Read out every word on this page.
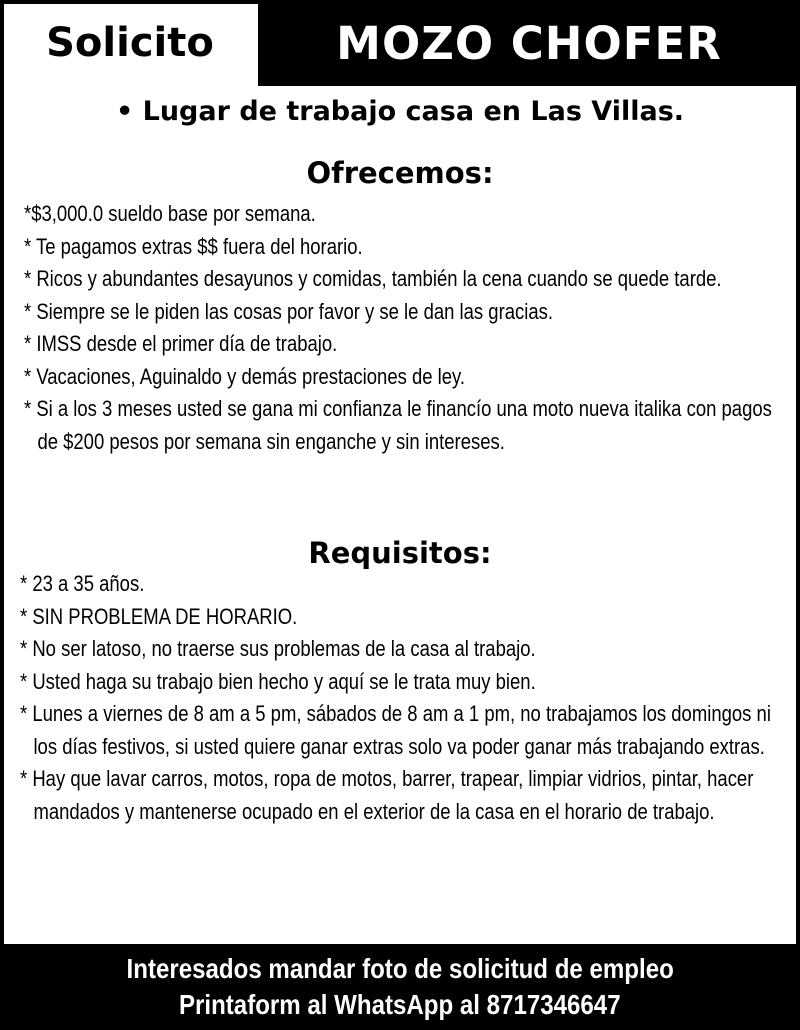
Solicito	MOZO CHOFER
• Lugar de trabajo casa en Las Villas.
Ofrecemos:
*$3,000.0 sueldo base por semana.
* Te pagamos extras $$ fuera del horario.
* Ricos y abundantes desayunos y comidas, también la cena cuando se quede tarde.
* Siempre se le piden las cosas por favor y se le dan las gracias.
* IMSS desde el primer día de trabajo.
* Vacaciones, Aguinaldo y demás prestaciones de ley.
* Si a los 3 meses usted se gana mi confianza le financío una moto nueva italika con pagos de $200 pesos por semana sin enganche y sin intereses.
Requisitos:
* 23 a 35 años.
* SIN PROBLEMA DE HORARIO.
* No ser latoso, no traerse sus problemas de la casa al trabajo.
* Usted haga su trabajo bien hecho y aquí se le trata muy bien.
* Lunes a viernes de 8 am a 5 pm, sábados de 8 am a 1 pm, no trabajamos los domingos ni los días festivos, si usted quiere ganar extras solo va poder ganar más trabajando extras.
* Hay que lavar carros, motos, ropa de motos, barrer, trapear, limpiar vidrios, pintar, hacer mandados y mantenerse ocupado en el exterior de la casa en el horario de trabajo.
Interesados mandar foto de solicitud de empleo
Printaform al WhatsApp al 8717346647
